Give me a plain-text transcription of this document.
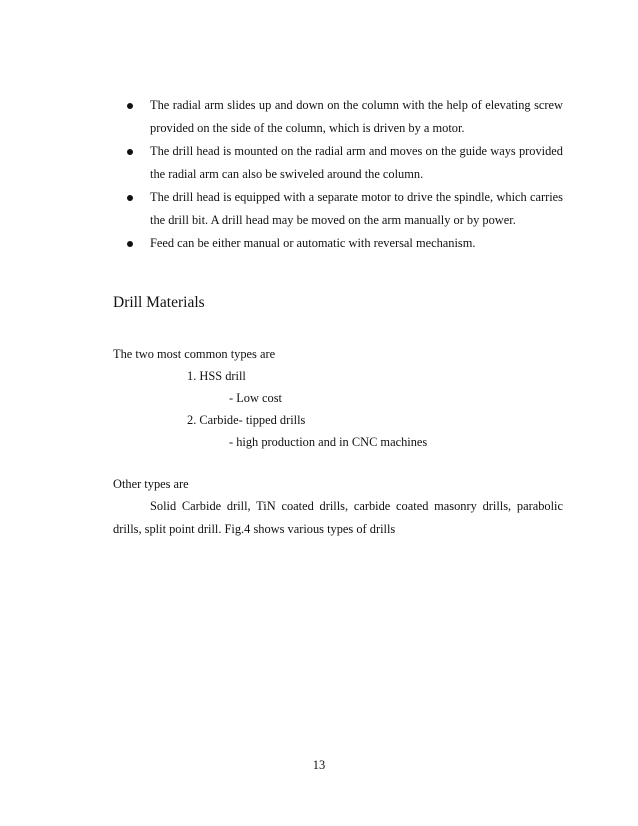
The radial arm slides up and down on the column with the help of elevating screw provided on the side of the column, which is driven by a motor.
The drill head is mounted on the radial arm and moves on the guide ways provided the radial arm can also be swiveled around the column.
The drill head is equipped with a separate motor to drive the spindle, which carries the drill bit. A drill head may be moved on the arm manually or by power.
Feed can be either manual or automatic with reversal mechanism.
Drill Materials

The two most common types are

1. HSS drill

- Low cost

2. Carbide- tipped drills

- high production and in CNC machines

Other types are

Solid Carbide drill, TiN coated drills, carbide coated masonry drills, parabolic drills, split point drill. Fig.4 shows various types of drills

13
